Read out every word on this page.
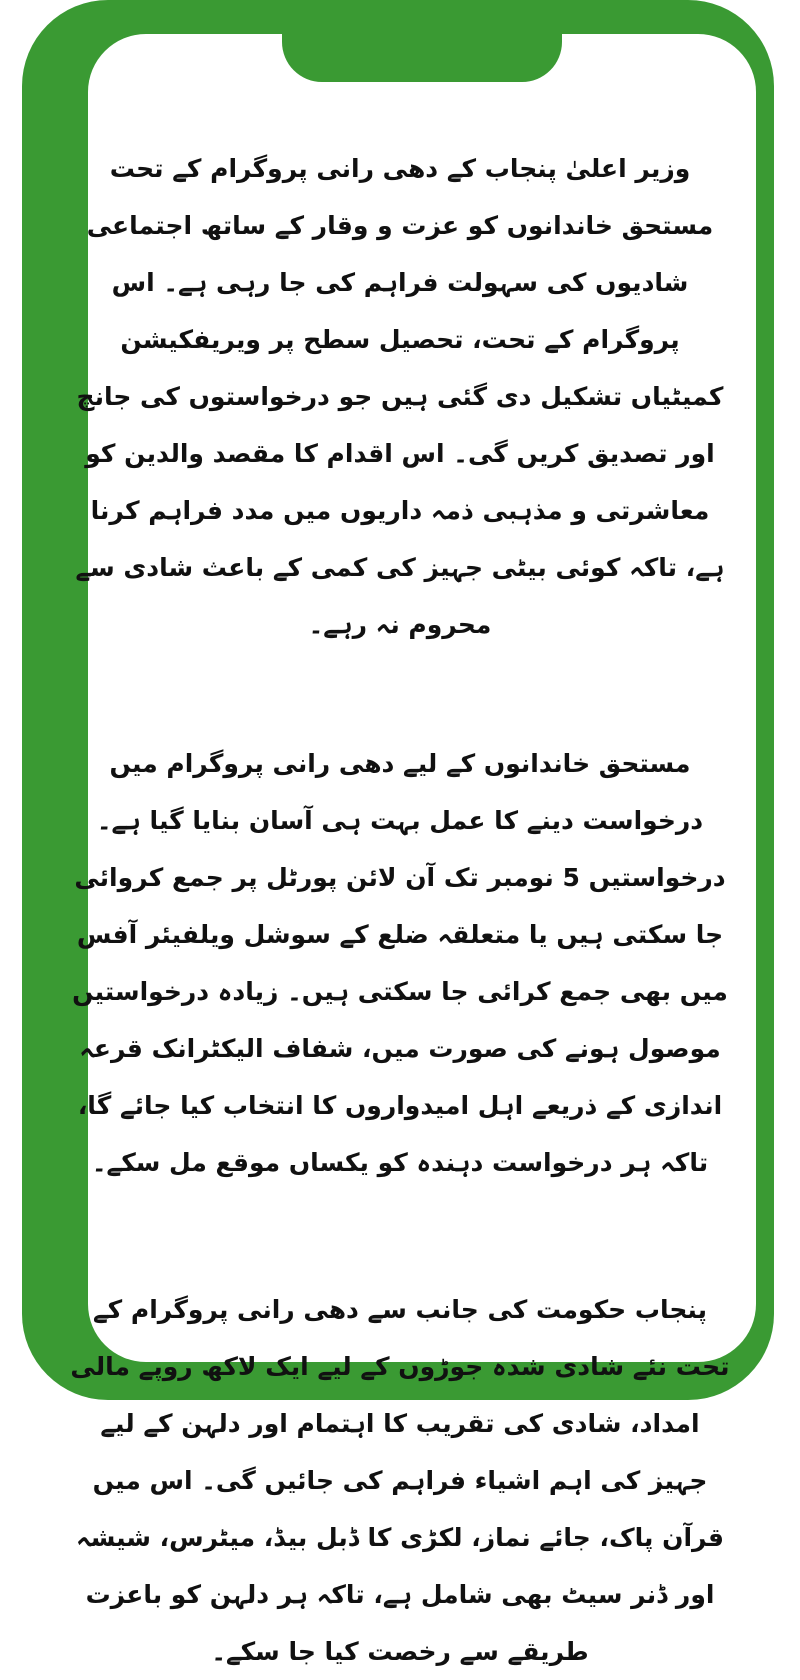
وزیر اعلیٰ پنجاب کے دھی رانی پروگرام کے تحت مستحق خاندانوں کو عزت و وقار کے ساتھ اجتماعی شادیوں کی سہولت فراہم کی جا رہی ہے۔ اس پروگرام کے تحت، تحصیل سطح پر ویریفکیشن کمیٹیاں تشکیل دی گئی ہیں جو درخواستوں کی جانچ اور تصدیق کریں گی۔ اس اقدام کا مقصد والدین کو معاشرتی و مذہبی ذمہ داریوں میں مدد فراہم کرنا ہے، تاکہ کوئی بیٹی جہیز کی کمی کے باعث شادی سے محروم نہ رہے۔

مستحق خاندانوں کے لیے دھی رانی پروگرام میں درخواست دینے کا عمل بہت ہی آسان بنایا گیا ہے۔ درخواستیں 5 نومبر تک آن لائن پورٹل پر جمع کروائی جا سکتی ہیں یا متعلقہ ضلع کے سوشل ویلفیئر آفس میں بھی جمع کرائی جا سکتی ہیں۔ زیادہ درخواستیں موصول ہونے کی صورت میں، شفاف الیکٹرانک قرعہ اندازی کے ذریعے اہل امیدواروں کا انتخاب کیا جائے گا، تاکہ ہر درخواست دہندہ کو یکساں موقع مل سکے۔

پنجاب حکومت کی جانب سے دھی رانی پروگرام کے تحت نئے شادی شدہ جوڑوں کے لیے ایک لاکھ روپے مالی امداد، شادی کی تقریب کا اہتمام اور دلہن کے لیے جہیز کی اہم اشیاء فراہم کی جائیں گی۔ اس میں قرآن پاک، جائے نماز، لکڑی کا ڈبل بیڈ، میٹرس، شیشہ اور ڈنر سیٹ بھی شامل ہے، تاکہ ہر دلہن کو باعزت طریقے سے رخصت کیا جا سکے۔
